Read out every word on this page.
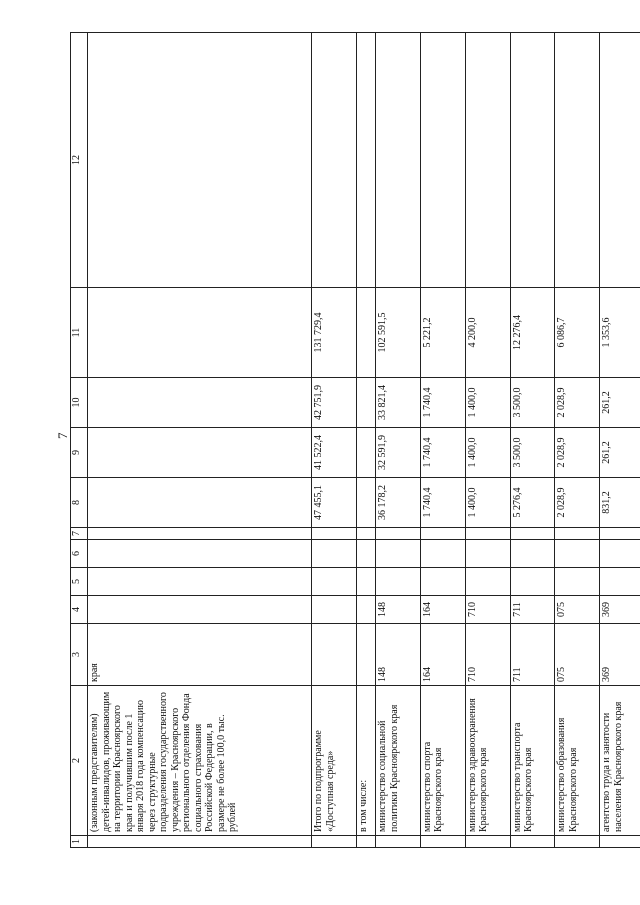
7
1	2	3	4	5	6	7	8	9	10	11	12
	(законным представителям) детей-инвалидов, проживающим на территории Красноярского края и получившим после 1 января 2018 года компенсацию через структурные подразделения государственного учреждения – Красноярского регионального отделения Фонда социального страхования Российской Федерации, в размере не более 100,0 тыс. рублей	края									
	Итого по подпрограмме «Доступная среда»						47 455,1	41 522,4	42 751,9	131 729,4	
	в том числе:										
	министерство социальной политики Красноярского края	148	148				36 178,2	32 591,9	33 821,4	102 591,5	
	министерство спорта Красноярского края	164	164				1 740,4	1 740,4	1 740,4	5 221,2	
	министерство здравоохранения Красноярского края	710	710				1 400,0	1 400,0	1 400,0	4 200,0	
	министерство транспорта Красноярского края	711	711				5 276,4	3 500,0	3 500,0	12 276,4	
	министерство образования Красноярского края	075	075				2 028,9	2 028,9	2 028,9	6 086,7	
	агентство труда и занятости населения Красноярского края	369	369				831,2	261,2	261,2	1 353,6	
